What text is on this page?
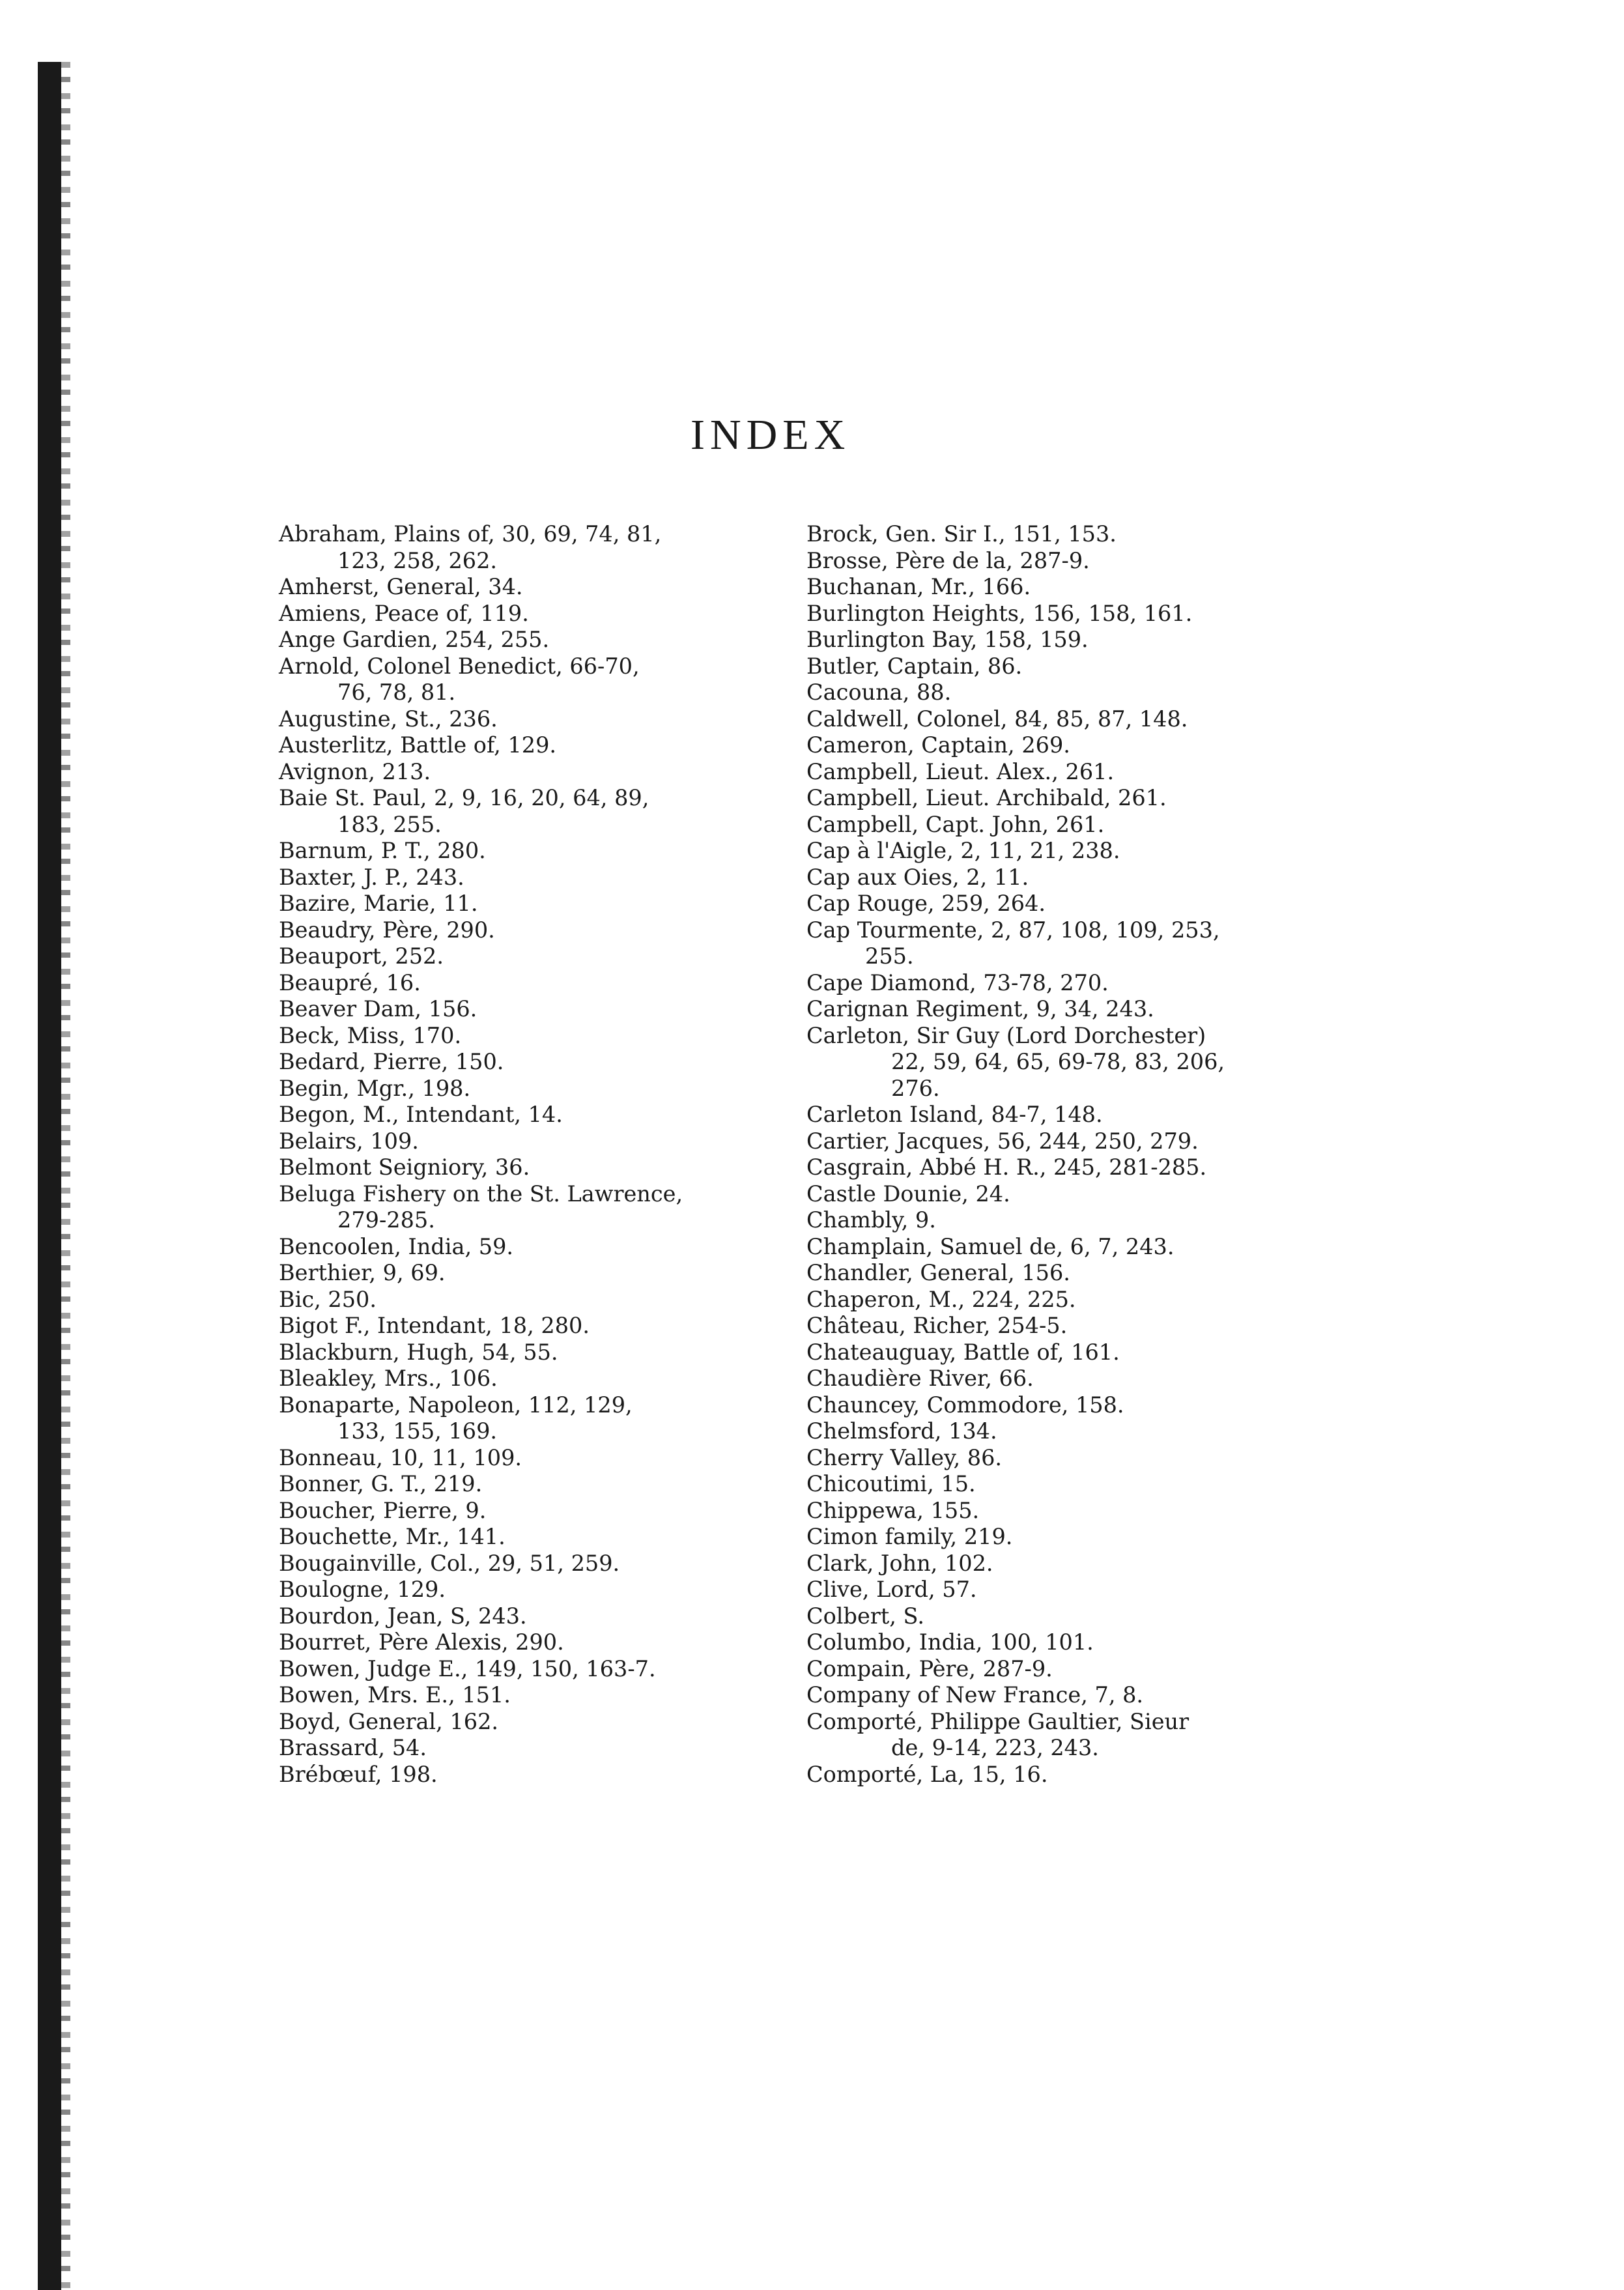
INDEX
Abraham, Plains of, 30, 69, 74, 81,
123, 258, 262.
Amherst, General, 34.
Amiens, Peace of, 119.
Ange Gardien, 254, 255.
Arnold, Colonel Benedict, 66-70,
76, 78, 81.
Augustine, St., 236.
Austerlitz, Battle of, 129.
Avignon, 213.
Baie St. Paul, 2, 9, 16, 20, 64, 89,
183, 255.
Barnum, P. T., 280.
Baxter, J. P., 243.
Bazire, Marie, 11.
Beaudry, Père, 290.
Beauport, 252.
Beaupré, 16.
Beaver Dam, 156.
Beck, Miss, 170.
Bedard, Pierre, 150.
Begin, Mgr., 198.
Begon, M., Intendant, 14.
Belairs, 109.
Belmont Seigniory, 36.
Beluga Fishery on the St. Lawrence,
279-285.
Bencoolen, India, 59.
Berthier, 9, 69.
Bic, 250.
Bigot F., Intendant, 18, 280.
Blackburn, Hugh, 54, 55.
Bleakley, Mrs., 106.
Bonaparte, Napoleon, 112, 129,
133, 155, 169.
Bonneau, 10, 11, 109.
Bonner, G. T., 219.
Boucher, Pierre, 9.
Bouchette, Mr., 141.
Bougainville, Col., 29, 51, 259.
Boulogne, 129.
Bourdon, Jean, S, 243.
Bourret, Père Alexis, 290.
Bowen, Judge E., 149, 150, 163-7.
Bowen, Mrs. E., 151.
Boyd, General, 162.
Brassard, 54.
Brébœuf, 198.
Brock, Gen. Sir I., 151, 153.
Brosse, Père de la, 287-9.
Buchanan, Mr., 166.
Burlington Heights, 156, 158, 161.
Burlington Bay, 158, 159.
Butler, Captain, 86.
Cacouna, 88.
Caldwell, Colonel, 84, 85, 87, 148.
Cameron, Captain, 269.
Campbell, Lieut. Alex., 261.
Campbell, Lieut. Archibald, 261.
Campbell, Capt. John, 261.
Cap à l'Aigle, 2, 11, 21, 238.
Cap aux Oies, 2, 11.
Cap Rouge, 259, 264.
Cap Tourmente, 2, 87, 108, 109, 253,
255.
Cape Diamond, 73-78, 270.
Carignan Regiment, 9, 34, 243.
Carleton, Sir Guy (Lord Dorchester)
22, 59, 64, 65, 69-78, 83, 206,
276.
Carleton Island, 84-7, 148.
Cartier, Jacques, 56, 244, 250, 279.
Casgrain, Abbé H. R., 245, 281-285.
Castle Dounie, 24.
Chambly, 9.
Champlain, Samuel de, 6, 7, 243.
Chandler, General, 156.
Chaperon, M., 224, 225.
Château, Richer, 254-5.
Chateauguay, Battle of, 161.
Chaudière River, 66.
Chauncey, Commodore, 158.
Chelmsford, 134.
Cherry Valley, 86.
Chicoutimi, 15.
Chippewa, 155.
Cimon family, 219.
Clark, John, 102.
Clive, Lord, 57.
Colbert, S.
Columbo, India, 100, 101.
Compain, Père, 287-9.
Company of New France, 7, 8.
Comporté, Philippe Gaultier, Sieur
de, 9-14, 223, 243.
Comporté, La, 15, 16.
